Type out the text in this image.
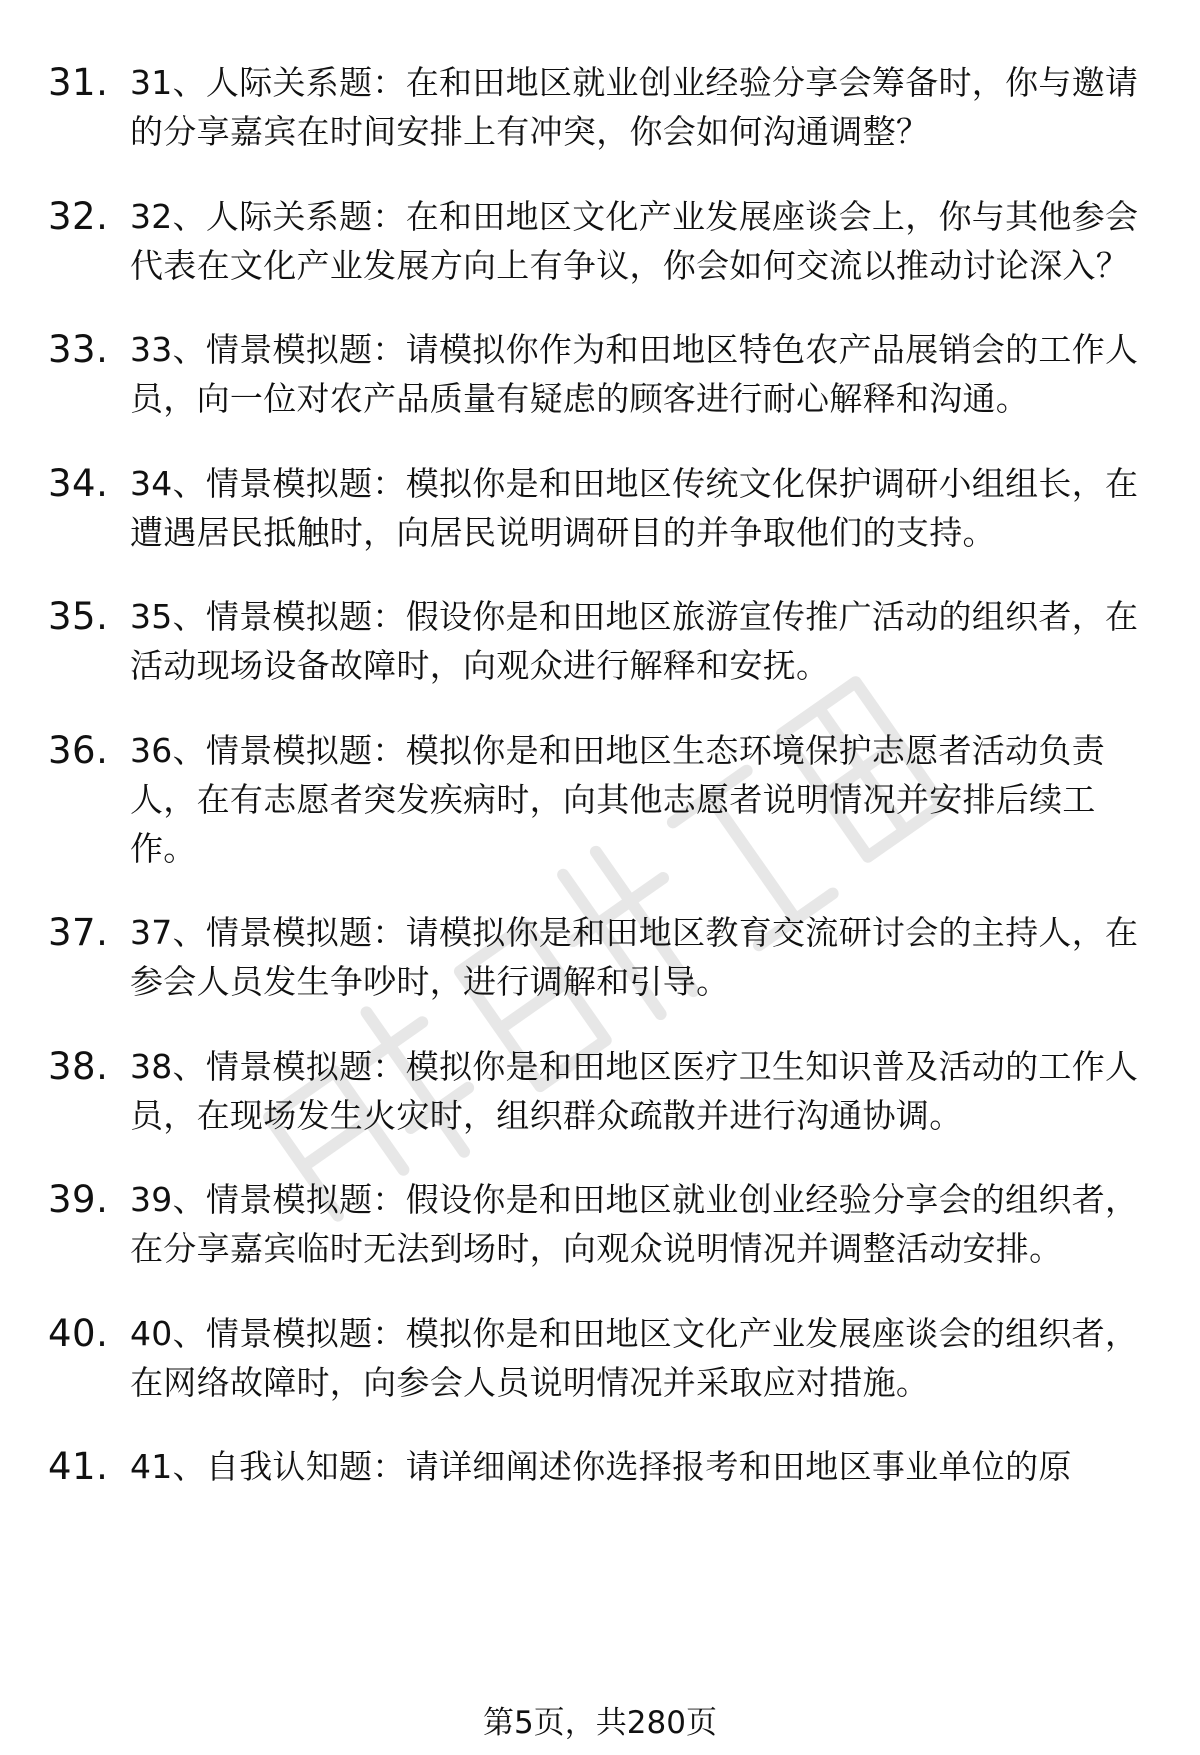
31. 31、人际关系题：在和田地区就业创业经验分享会筹备时，你与邀请的分享嘉宾在时间安排上有冲突，你会如何沟通调整？
32. 32、人际关系题：在和田地区文化产业发展座谈会上，你与其他参会代表在文化产业发展方向上有争议，你会如何交流以推动讨论深入？
33. 33、情景模拟题：请模拟你作为和田地区特色农产品展销会的工作人员，向一位对农产品质量有疑虑的顾客进行耐心解释和沟通。
34. 34、情景模拟题：模拟你是和田地区传统文化保护调研小组组长，在遭遇居民抵触时，向居民说明调研目的并争取他们的支持。
35. 35、情景模拟题：假设你是和田地区旅游宣传推广活动的组织者，在活动现场设备故障时，向观众进行解释和安抚。
36. 36、情景模拟题：模拟你是和田地区生态环境保护志愿者活动负责人，在有志愿者突发疾病时，向其他志愿者说明情况并安排后续工作。
37. 37、情景模拟题：请模拟你是和田地区教育交流研讨会的主持人，在参会人员发生争吵时，进行调解和引导。
38. 38、情景模拟题：模拟你是和田地区医疗卫生知识普及活动的工作人员，在现场发生火灾时，组织群众疏散并进行沟通协调。
39. 39、情景模拟题：假设你是和田地区就业创业经验分享会的组织者，在分享嘉宾临时无法到场时，向观众说明情况并调整活动安排。
40. 40、情景模拟题：模拟你是和田地区文化产业发展座谈会的组织者，在网络故障时，向参会人员说明情况并采取应对措施。
41. 41、自我认知题：请详细阐述你选择报考和田地区事业单位的原
第5页，共280页
